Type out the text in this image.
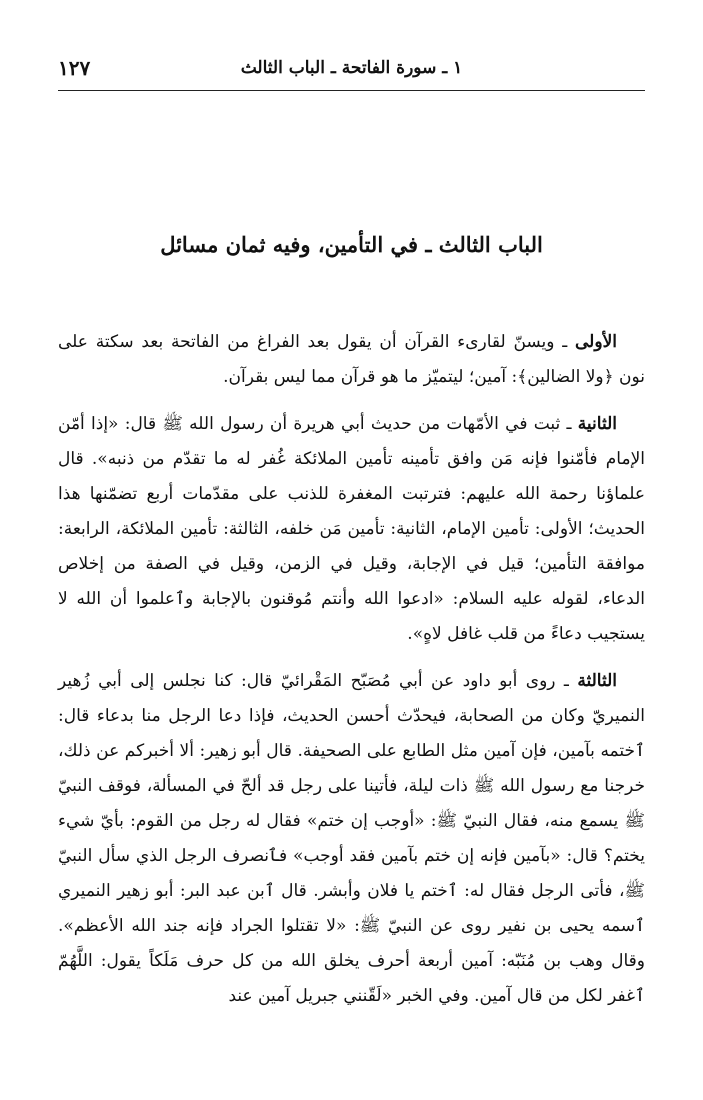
١ ـ سورة الفاتحة ـ الباب الثالث
١٢٧
الباب الثالث ـ في التأمين، وفيه ثمان مسائل

الأولى ـ ويسنّ لقارىء القرآن أن يقول بعد الفراغ من الفاتحة بعد سكتة على نون ﴿ولا الضالين﴾: آمين؛ ليتميّز ما هو قرآن مما ليس بقرآن.

الثانية ـ ثبت في الأمّهات من حديث أبي هريرة أن رسول الله ﷺ قال: «إذا أمّن الإمام فأمّنوا فإنه مَن وافق تأمينه تأمين الملائكة غُفر له ما تقدّم من ذنبه». قال علماؤنا رحمة الله عليهم: فترتبت المغفرة للذنب على مقدّمات أربع تضمّنها هذا الحديث؛ الأولى: تأمين الإمام، الثانية: تأمين مَن خلفه، الثالثة: تأمين الملائكة، الرابعة: موافقة التأمين؛ قيل في الإجابة، وقيل في الزمن، وقيل في الصفة من إخلاص الدعاء، لقوله عليه السلام: «ادعوا الله وأنتم مُوقنون بالإجابة وٱعلموا أن الله لا يستجيب دعاءً من قلب غافل لاهٍ».

الثالثة ـ روى أبو داود عن أبي مُصَبّح المَقْرائيّ قال: كنا نجلس إلى أبي زُهير النميريّ وكان من الصحابة، فيحدّث أحسن الحديث، فإذا دعا الرجل منا بدعاء قال: ٱختمه بآمين، فإن آمين مثل الطابع على الصحيفة. قال أبو زهير: ألا أخبركم عن ذلك، خرجنا مع رسول الله ﷺ ذات ليلة، فأتينا على رجل قد ألحّ في المسألة، فوقف النبيّ ﷺ يسمع منه، فقال النبيّ ﷺ: «أوجب إن ختم» فقال له رجل من القوم: بأيّ شيء يختم؟ قال: «بآمين فإنه إن ختم بآمين فقد أوجب» فٱنصرف الرجل الذي سأل النبيّ ﷺ، فأتى الرجل فقال له: ٱختم يا فلان وأبشر. قال ٱبن عبد البر: أبو زهير النميري ٱسمه يحيى بن نفير روى عن النبيّ ﷺ: «لا تقتلوا الجراد فإنه جند الله الأعظم». وقال وهب بن مُنَبّه: آمين أربعة أحرف يخلق الله من كل حرف مَلَكاً يقول: اللَّهُمّ ٱغفر لكل من قال آمين. وفي الخبر «لَقّنني جبريل آمين عند
